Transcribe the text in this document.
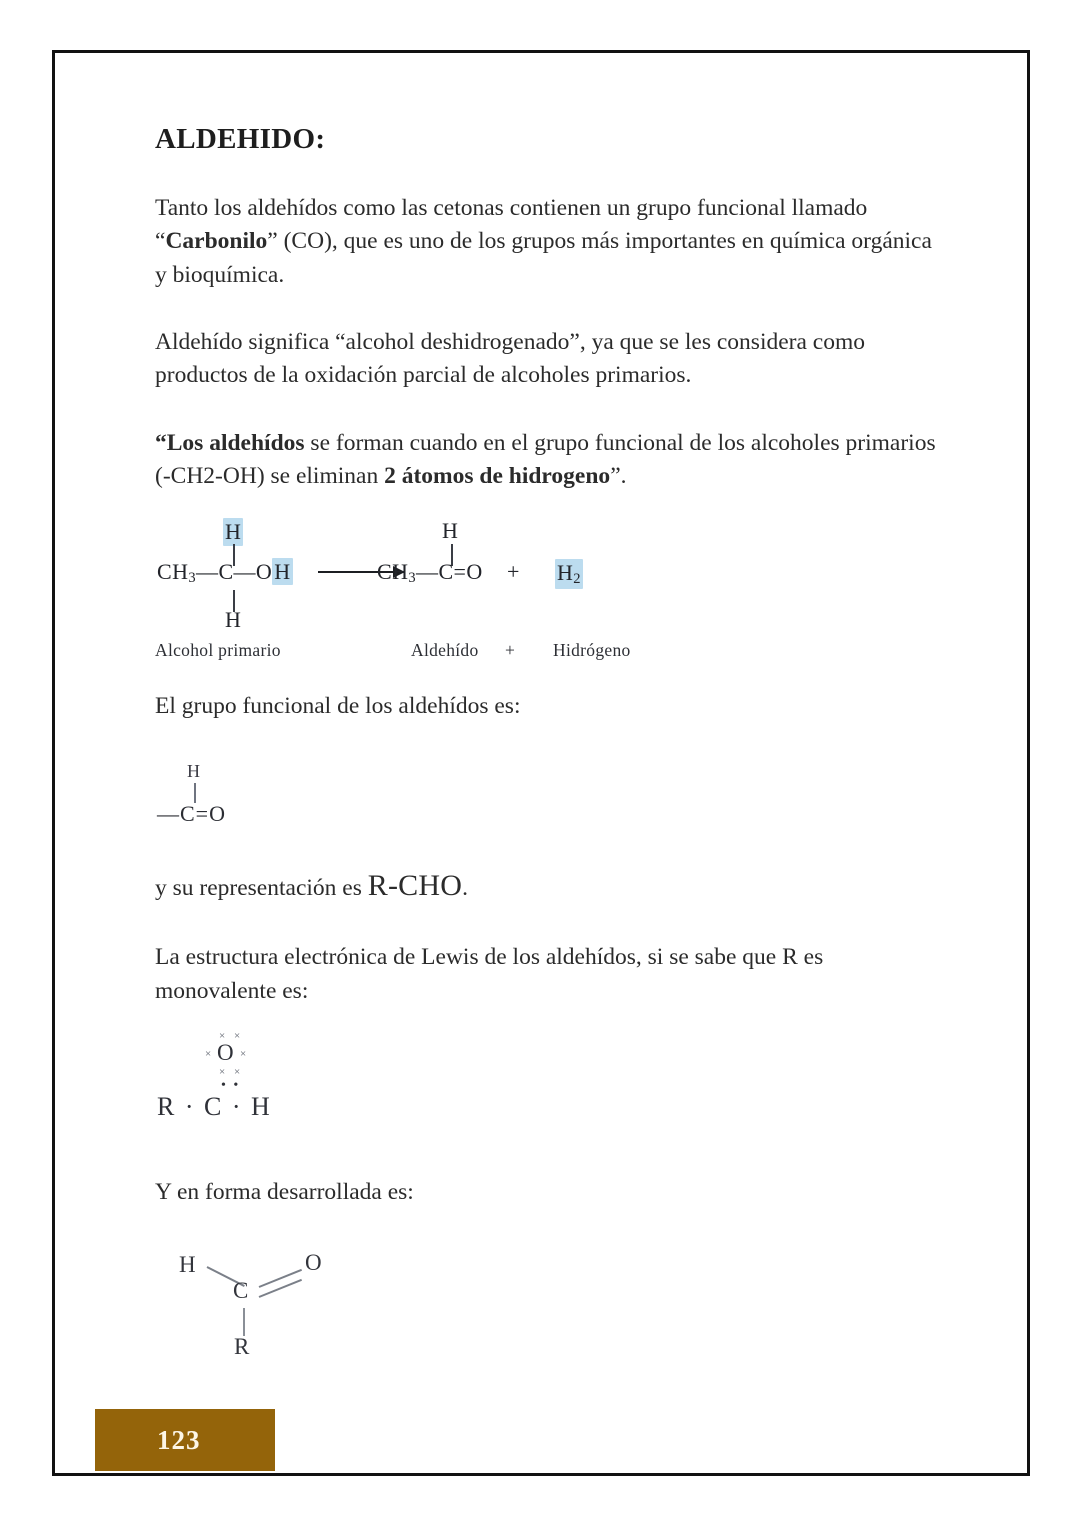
ALDEHIDO:

Tanto los aldehídos como las cetonas contienen un grupo funcional llamado “Carbonilo” (CO), que es uno de los grupos más importantes en química orgánica y bioquímica.

Aldehído significa “alcohol deshidrogenado”, ya que se les considera como productos de la oxidación parcial de alcoholes primarios.

“Los aldehídos se forman cuando en el grupo funcional de los alcoholes primarios (-CH2-OH) se eliminan 2 átomos de hidrogeno”.

H
$CH_3—C—OH$
H
Alcohol primario
H
$CH_3—C=O + H_2$
Aldehído + Hidrógeno

El grupo funcional de los aldehídos es:

H
—C=O

y su representación es R-CHO.

La estructura electrónica de Lewis de los aldehídos, si se sabe que R es monovalente es:

× ×
× O ×
× ×
• •
R · C · H

Y en forma desarrollada es:

H
C
O
R
123
